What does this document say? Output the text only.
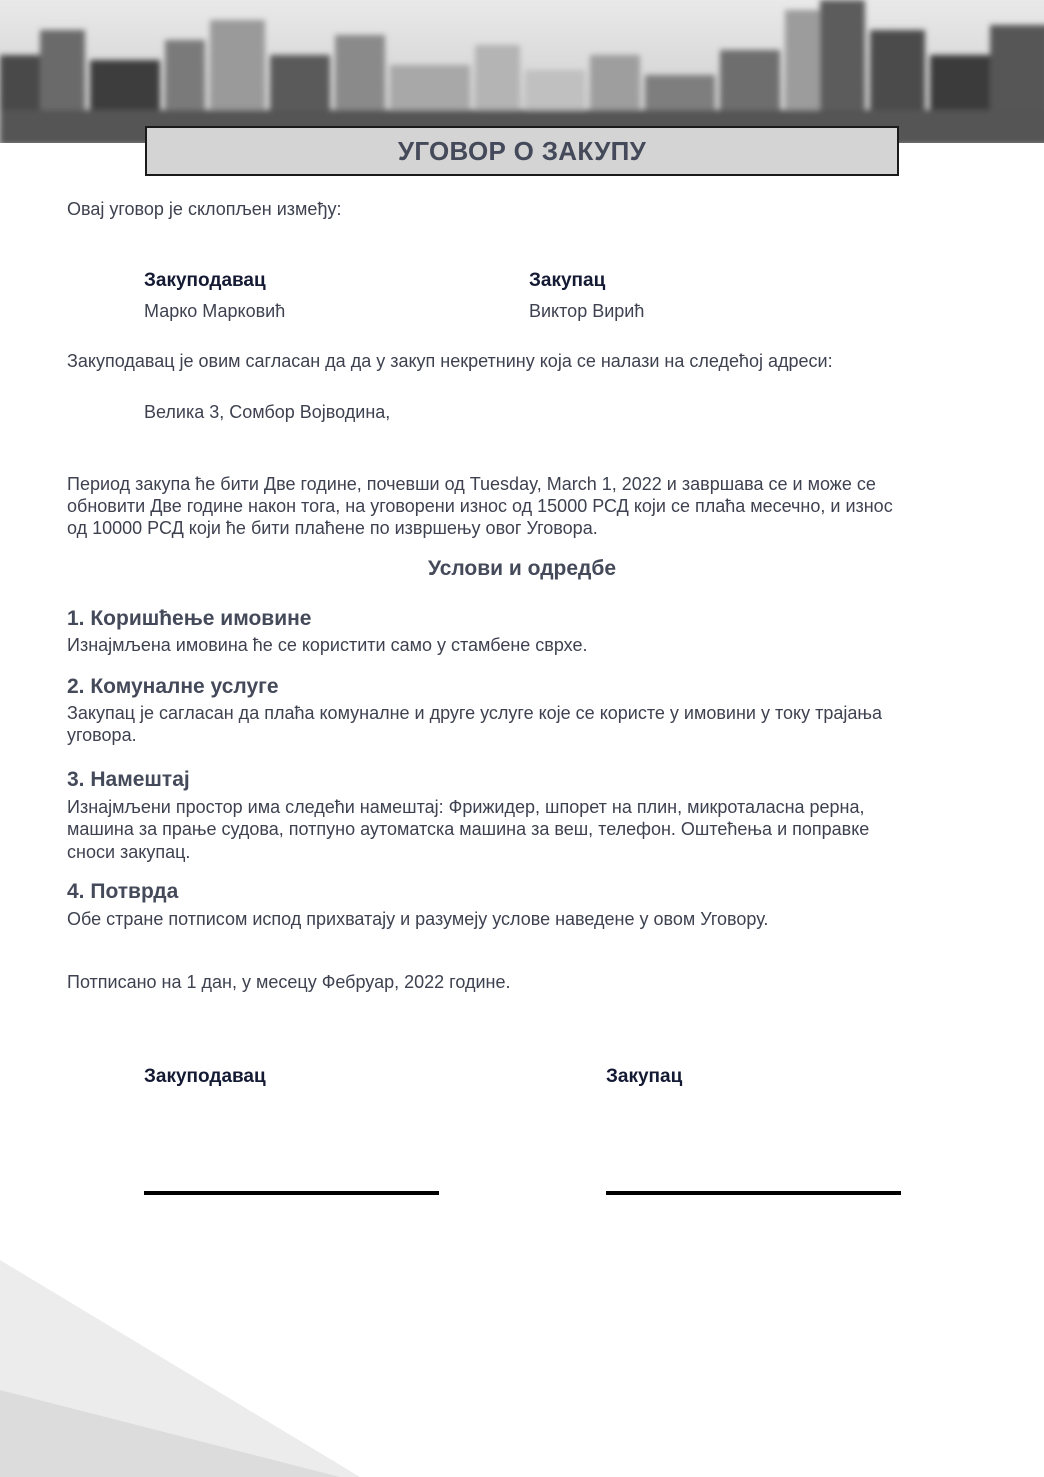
УГОВОР О ЗАКУПУ
Овај уговор је склопљен између:
Закуподавац
Марко Марковић
Закупац
Виктор Вирић
Закуподавац је овим сагласан да да у закуп некретнину која се налази на следећој адреси:
Велика 3, Сомбор Војводина,
Период закупа ће бити Две године, почевши од Tuesday, March 1, 2022 и завршава се и може се
обновити Две године након тога, на уговорени износ од 15000 РСД који се плаћа месечно, и износ
од 10000 РСД који ће бити плаћене по извршењу овог Уговора.
Услови и одредбе
1. Коришћење имовине
Изнајмљена имовина ће се користити само у стамбене сврхе.
2. Комуналне услуге
Закупац је сагласан да плаћа комуналне и друге услуге које се користе у имовини у току трајања
уговора.
3. Намештај
Изнајмљени простор има следећи намештај: Фрижидер, шпорет на плин, микроталасна рерна,
машина за прање судова, потпуно аутоматска машина за веш, телефон. Оштећења и поправке
сноси закупац.
4. Потврда
Обе стране потписом испод прихватају и разумеју услове наведене у овом Уговору.
Потписано на 1 дан, у месецу Фебруар, 2022 године.
Закуподавац	Закупац
